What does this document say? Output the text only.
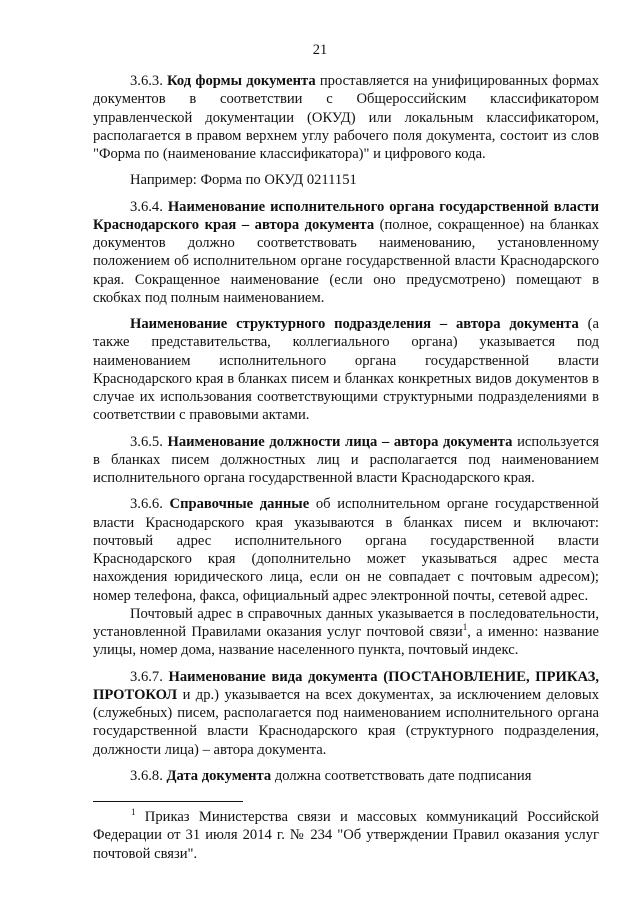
21

3.6.3. Код формы документа проставляется на унифицированных формах документов в соответствии с Общероссийским классификатором управленческой документации (ОКУД) или локальным классификатором, располагается в правом верхнем углу рабочего поля документа, состоит из слов "Форма по (наименование классификатора)" и цифрового кода.

Например: Форма по ОКУД 0211151

3.6.4. Наименование исполнительного органа государственной власти Краснодарского края – автора документа (полное, сокращенное) на бланках документов должно соответствовать наименованию, установленному положением об исполнительном органе государственной власти Краснодарского края. Сокращенное наименование (если оно предусмотрено) помещают в скобках под полным наименованием.

Наименование структурного подразделения – автора документа (а также представительства, коллегиального органа) указывается под наименованием исполнительного органа государственной власти Краснодарского края в бланках писем и бланках конкретных видов документов в случае их использования соответствующими структурными подразделениями в соответствии с правовыми актами.

3.6.5. Наименование должности лица – автора документа используется в бланках писем должностных лиц и располагается под наименованием исполнительного органа государственной власти Краснодарского края.

3.6.6. Справочные данные об исполнительном органе государственной власти Краснодарского края указываются в бланках писем и включают: почтовый адрес исполнительного органа государственной власти Краснодарского края (дополнительно может указываться адрес места нахождения юридического лица, если он не совпадает с почтовым адресом); номер телефона, факса, официальный адрес электронной почты, сетевой адрес.

Почтовый адрес в справочных данных указывается в последовательности, установленной Правилами оказания услуг почтовой связи$^1$, а именно: название улицы, номер дома, название населенного пункта, почтовый индекс.

3.6.7. Наименование вида документа (ПОСТАНОВЛЕНИЕ, ПРИКАЗ, ПРОТОКОЛ и др.) указывается на всех документах, за исключением деловых (служебных) писем, располагается под наименованием исполнительного органа государственной власти Краснодарского края (структурного подразделения, должности лица) – автора документа.

3.6.8. Дата документа должна соответствовать дате подписания

$^1$ Приказ Министерства связи и массовых коммуникаций Российской Федерации от 31 июля 2014 г. № 234 "Об утверждении Правил оказания услуг почтовой связи".
